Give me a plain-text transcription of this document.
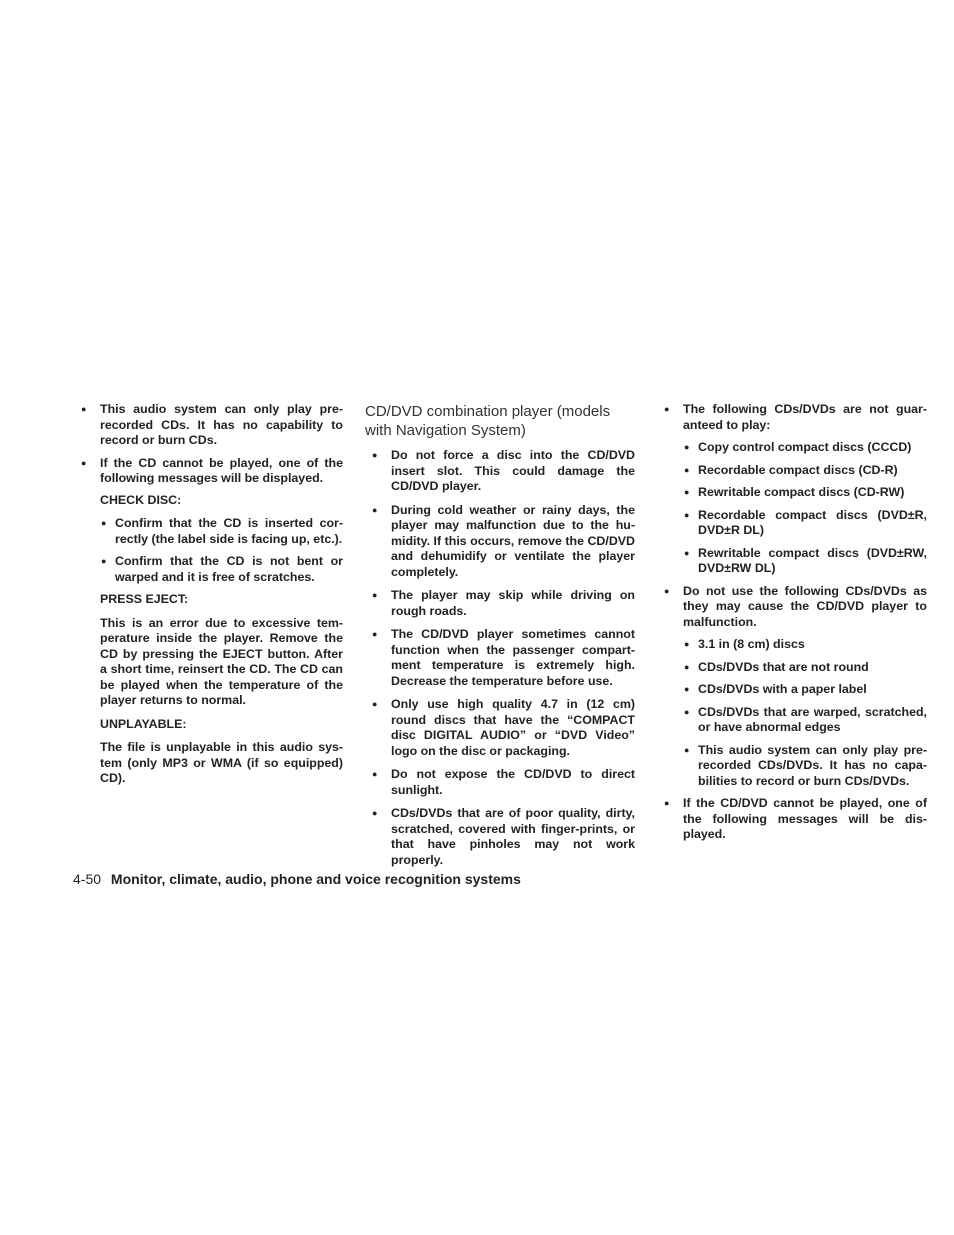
● This audio system can only play pre-recorded CDs. It has no capability to record or burn CDs.
● If the CD cannot be played, one of the following messages will be displayed.
CHECK DISC:
● Confirm that the CD is inserted cor-rectly (the label side is facing up, etc.).
● Confirm that the CD is not bent or warped and it is free of scratches.
PRESS EJECT:
This is an error due to excessive tem-perature inside the player. Remove the CD by pressing the EJECT button. After a short time, reinsert the CD. The CD can be played when the temperature of the player returns to normal.
UNPLAYABLE:
The file is unplayable in this audio sys-tem (only MP3 or WMA (if so equipped) CD).
CD/DVD combination player (models with Navigation System)
● Do not force a disc into the CD/DVD insert slot. This could damage the CD/DVD player.
● During cold weather or rainy days, the player may malfunction due to the hu-midity. If this occurs, remove the CD/DVD and dehumidify or ventilate the player completely.
● The player may skip while driving on rough roads.
● The CD/DVD player sometimes cannot function when the passenger compart-ment temperature is extremely high. Decrease the temperature before use.
● Only use high quality 4.7 in (12 cm) round discs that have the “COMPACT disc DIGITAL AUDIO” or “DVD Video” logo on the disc or packaging.
● Do not expose the CD/DVD to direct sunlight.
● CDs/DVDs that are of poor quality, dirty, scratched, covered with finger-prints, or that have pinholes may not work properly.
● The following CDs/DVDs are not guar-anteed to play:
● Copy control compact discs (CCCD)
● Recordable compact discs (CD-R)
● Rewritable compact discs (CD-RW)
● Recordable compact discs (DVD±R, DVD±R DL)
● Rewritable compact discs (DVD±RW, DVD±RW DL)
● Do not use the following CDs/DVDs as they may cause the CD/DVD player to malfunction.
● 3.1 in (8 cm) discs
● CDs/DVDs that are not round
● CDs/DVDs with a paper label
● CDs/DVDs that are warped, scratched, or have abnormal edges
● This audio system can only play pre-recorded CDs/DVDs. It has no capa-bilities to record or burn CDs/DVDs.
● If the CD/DVD cannot be played, one of the following messages will be dis-played.
4-50 Monitor, climate, audio, phone and voice recognition systems
